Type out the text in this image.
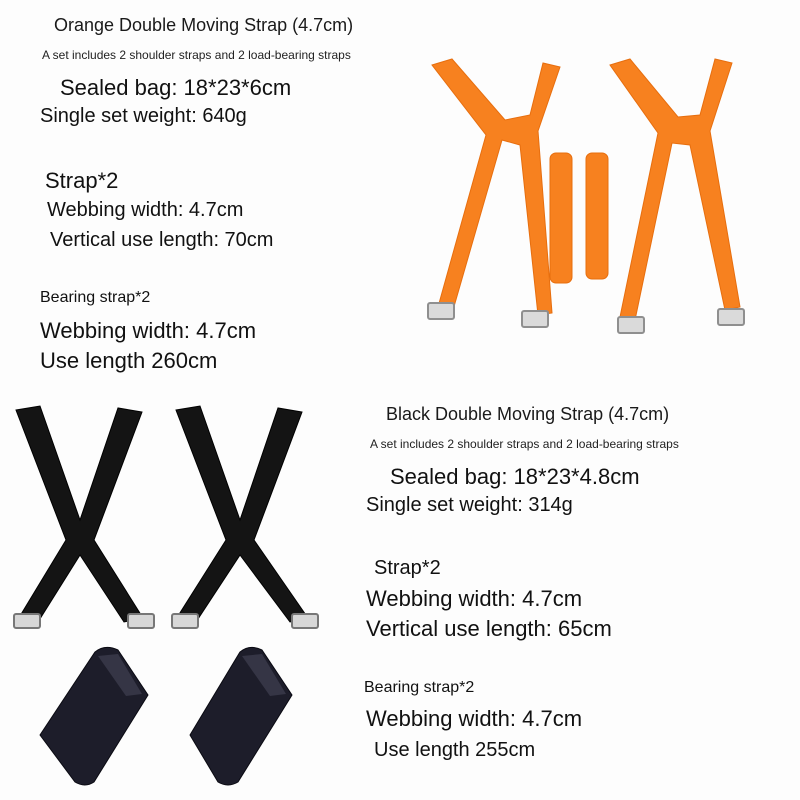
Orange Double Moving Strap (4.7cm)
A set includes 2 shoulder straps and 2 load-bearing straps
Sealed bag: 18*23*6cm
Single set weight: 640g
Strap*2
Webbing width: 4.7cm
Vertical use length: 70cm
Bearing strap*2
Webbing width: 4.7cm
Use length 260cm
Black Double Moving Strap (4.7cm)
A set includes 2 shoulder straps and 2 load-bearing straps
Sealed bag: 18*23*4.8cm
Single set weight: 314g
Strap*2
Webbing width: 4.7cm
Vertical use length: 65cm
Bearing strap*2
Webbing width: 4.7cm
Use length 255cm
